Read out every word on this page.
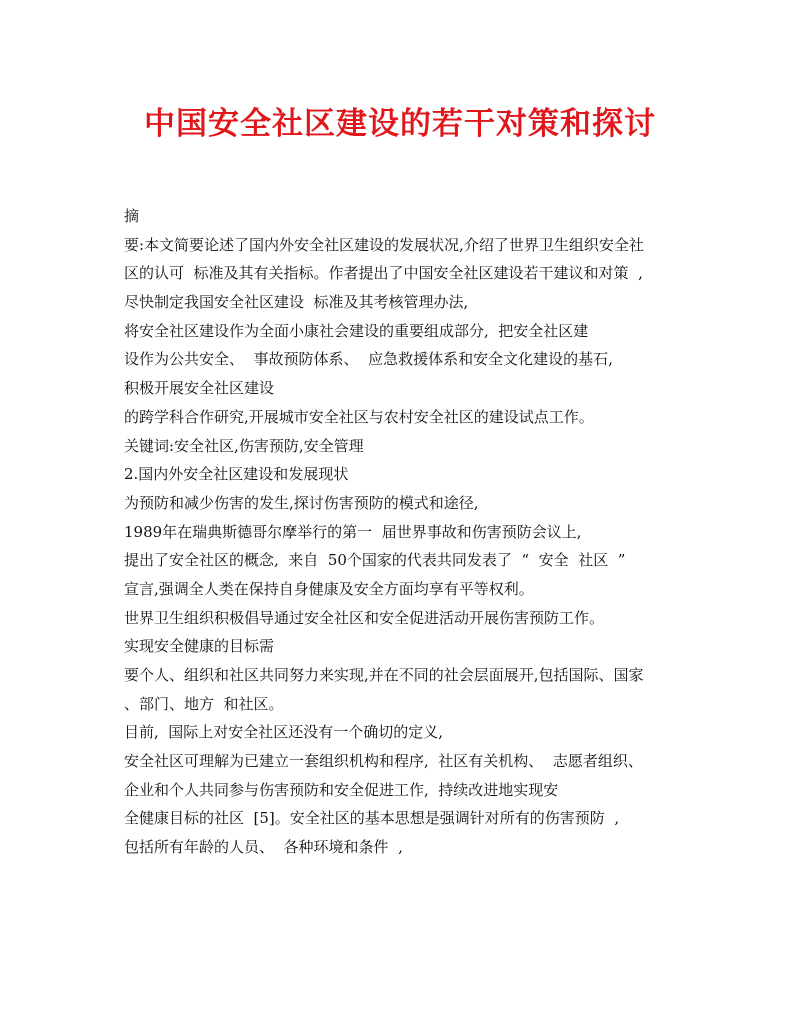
中国安全社区建设的若干对策和探讨
摘
要:本文简要论述了国内外安全社区建设的发展状况,介绍了世界卫生组织安全社
区的认可  标准及其有关指标。作者提出了中国安全社区建设若干建议和对策  ,
尽快制定我国安全社区建设  标准及其考核管理办法,
将安全社区建设作为全面小康社会建设的重要组成部分,  把安全社区建
设作为公共安全、  事故预防体系、  应急救援体系和安全文化建设的基石,
积极开展安全社区建设
的跨学科合作研究,开展城市安全社区与农村安全社区的建设试点工作。
关键词:安全社区,伤害预防,安全管理
2.国内外安全社区建设和发展现状
为预防和减少伤害的发生,探讨伤害预防的模式和途径,
1989年在瑞典斯德哥尔摩举行的第一  届世界事故和伤害预防会议上,
提出了安全社区的概念,  来自  50个国家的代表共同发表了  “  安全  社区  ”
宣言,强调全人类在保持自身健康及安全方面均享有平等权利。
世界卫生组织积极倡导通过安全社区和安全促进活动开展伤害预防工作。
实现安全健康的目标需
要个人、组织和社区共同努力来实现,并在不同的社会层面展开,包括国际、国家
、部门、地方  和社区。
目前,  国际上对安全社区还没有一个确切的定义,
安全社区可理解为已建立一套组织机构和程序,  社区有关机构、  志愿者组织、
企业和个人共同参与伤害预防和安全促进工作,  持续改进地实现安
全健康目标的社区  [5]。安全社区的基本思想是强调针对所有的伤害预防  ,
包括所有年龄的人员、  各种环境和条件  ,
